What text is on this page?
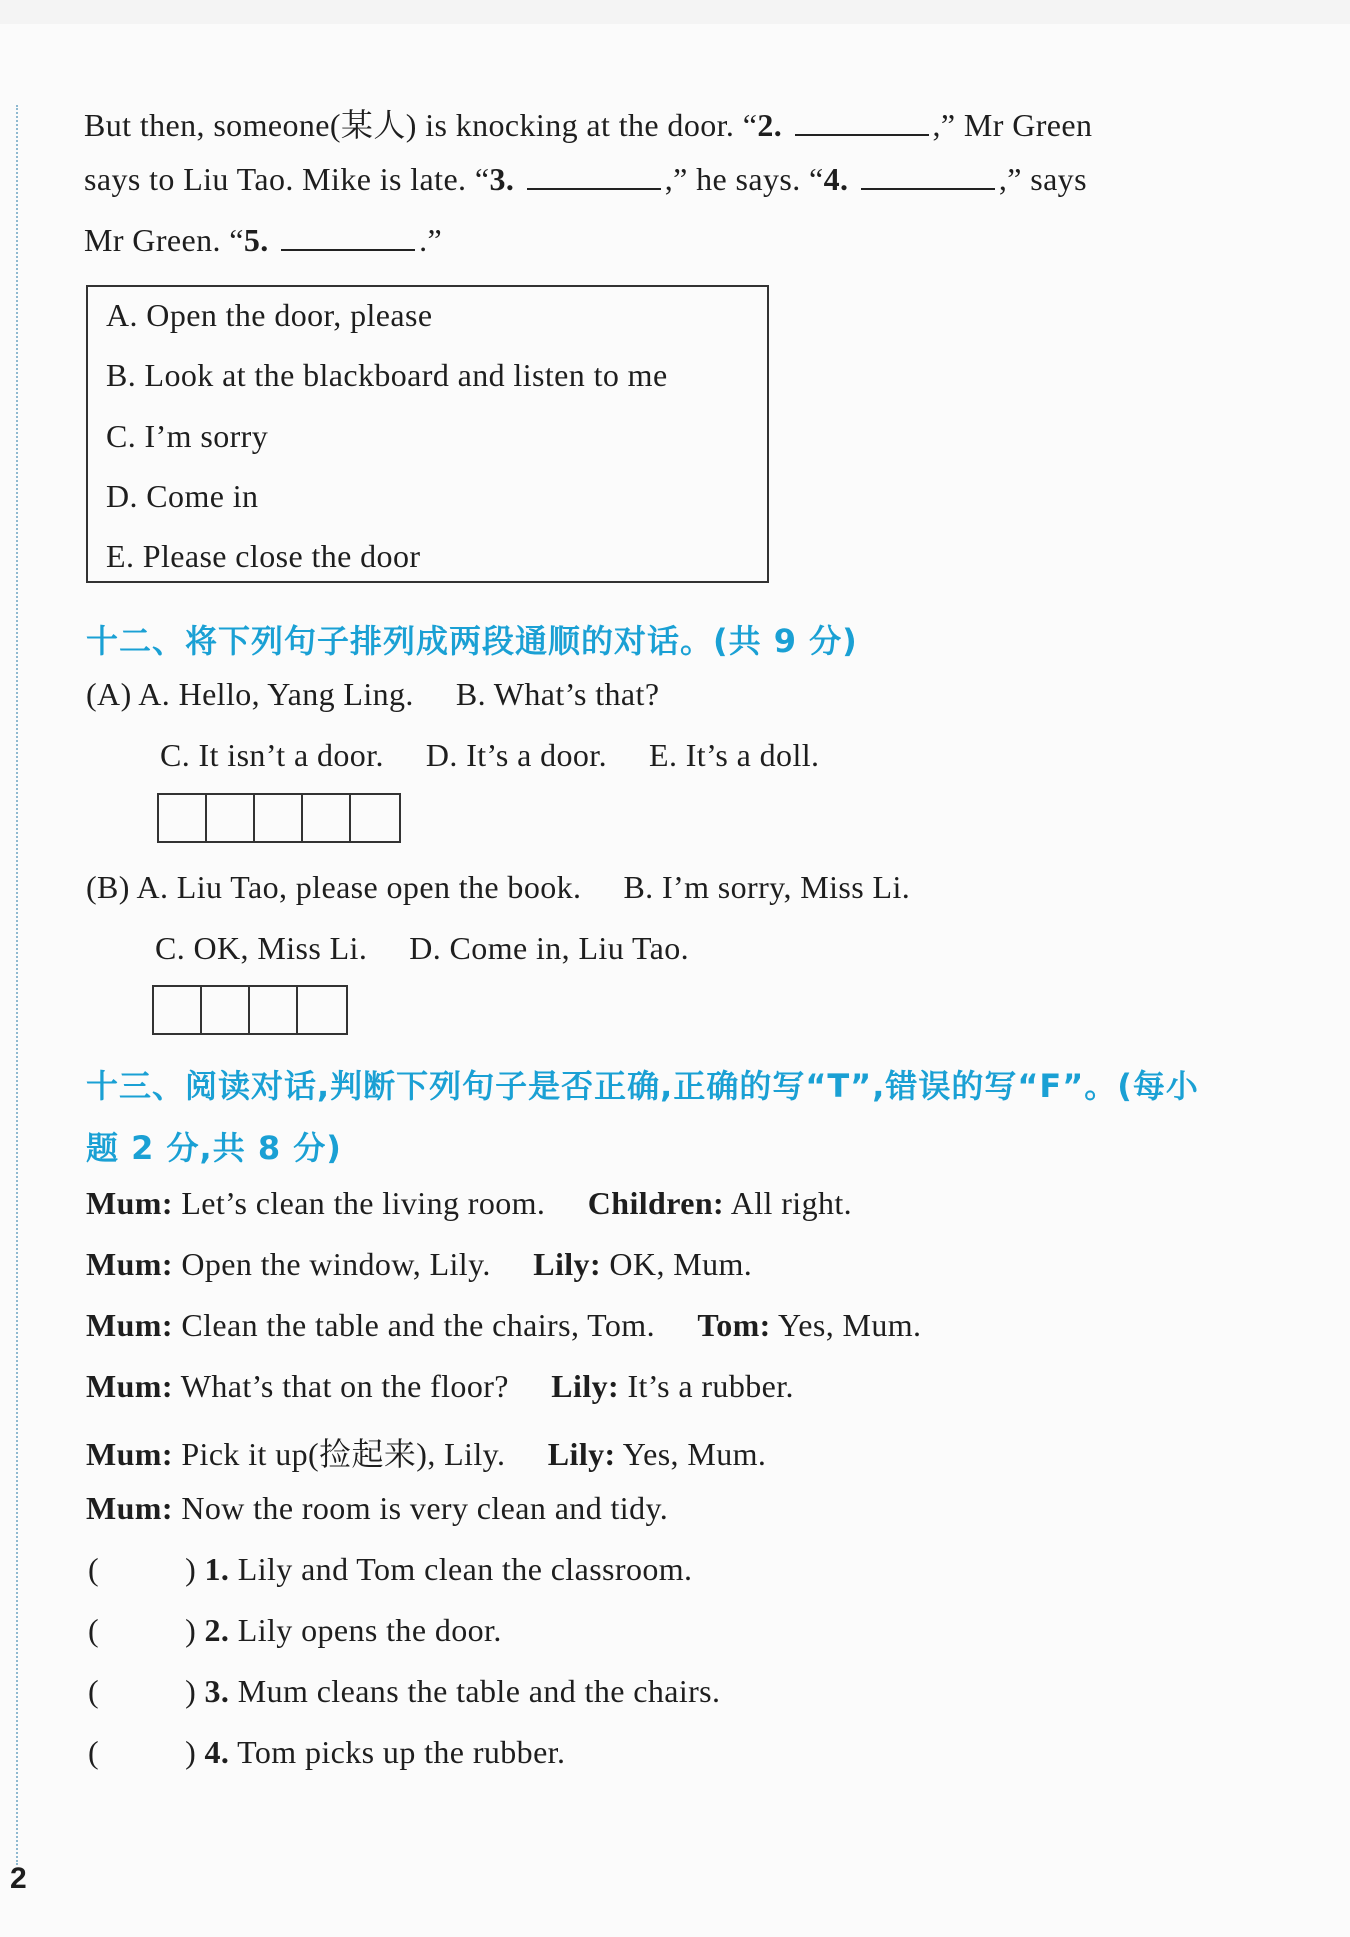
But then, someone(某人) is knocking at the door. “2.	,” Mr Green
says to Liu Tao. Mike is late. “3.	,” he says. “4.	,” says
Mr Green. “5.	.”
A. Open the door, please
B. Look at the blackboard and listen to me
C. I’m sorry
D. Come in
E. Please close the door
十二、将下列句子排列成两段通顺的对话。(共 9 分)
(A) A. Hello, Yang Ling. B. What’s that?
C. It isn’t a door. D. It’s a door. E. It’s a doll.
(B) A. Liu Tao, please open the book. B. I’m sorry, Miss Li.
C. OK, Miss Li. D. Come in, Liu Tao.
十三、阅读对话,判断下列句子是否正确,正确的写“T”,错误的写“F”。(每小
题 2 分,共 8 分)
Mum: Let’s clean the living room. Children: All right.
Mum: Open the window, Lily. Lily: OK, Mum.
Mum: Clean the table and the chairs, Tom. Tom: Yes, Mum.
Mum: What’s that on the floor? Lily: It’s a rubber.
Mum: Pick it up(捡起来), Lily. Lily: Yes, Mum.
Mum: Now the room is very clean and tidy.
(	) 1. Lily and Tom clean the classroom.
(	) 2. Lily opens the door.
(	) 3. Mum cleans the table and the chairs.
(	) 4. Tom picks up the rubber.
2
